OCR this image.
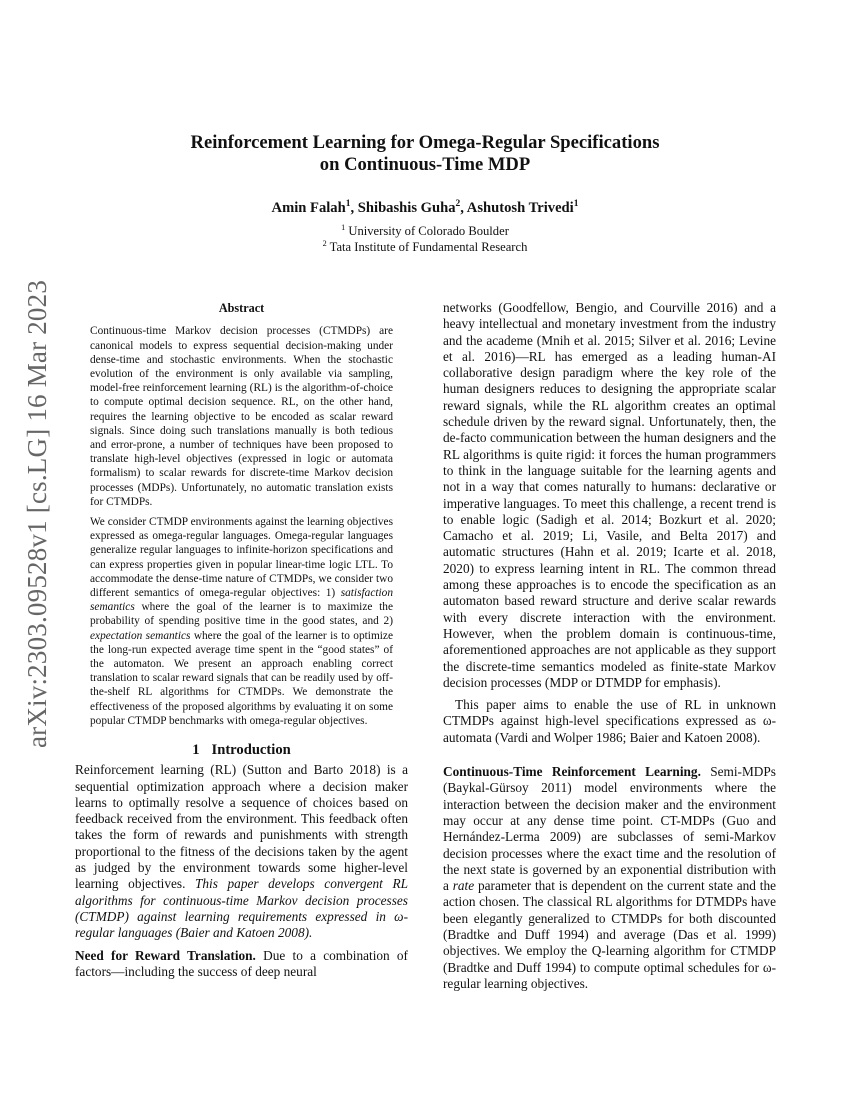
arXiv:2303.09528v1 [cs.LG] 16 Mar 2023
Reinforcement Learning for Omega-Regular Specifications
on Continuous-Time MDP
Amin Falah$^1$, Shibashis Guha$^2$, Ashutosh Trivedi$^1$
$^1$ University of Colorado Boulder
$^2$ Tata Institute of Fundamental Research
Abstract

Continuous-time Markov decision processes (CTMDPs) are canonical models to express sequential decision-making under dense-time and stochastic environments. When the stochastic evolution of the environment is only available via sampling, model-free reinforcement learning (RL) is the algorithm-of-choice to compute optimal decision sequence. RL, on the other hand, requires the learning objective to be encoded as scalar reward signals. Since doing such translations manually is both tedious and error-prone, a number of techniques have been proposed to translate high-level objectives (expressed in logic or automata formalism) to scalar rewards for discrete-time Markov decision processes (MDPs). Unfortunately, no automatic translation exists for CTMDPs.

We consider CTMDP environments against the learning objectives expressed as omega-regular languages. Omega-regular languages generalize regular languages to infinite-horizon specifications and can express properties given in popular linear-time logic LTL. To accommodate the dense-time nature of CTMDPs, we consider two different semantics of omega-regular objectives: 1) satisfaction semantics where the goal of the learner is to maximize the probability of spending positive time in the good states, and 2) expectation semantics where the goal of the learner is to optimize the long-run expected average time spent in the “good states” of the automaton. We present an approach enabling correct translation to scalar reward signals that can be readily used by off-the-shelf RL algorithms for CTMDPs. We demonstrate the effectiveness of the proposed algorithms by evaluating it on some popular CTMDP benchmarks with omega-regular objectives.

1 Introduction

Reinforcement learning (RL) (Sutton and Barto 2018) is a sequential optimization approach where a decision maker learns to optimally resolve a sequence of choices based on feedback received from the environment. This feedback often takes the form of rewards and punishments with strength proportional to the fitness of the decisions taken by the agent as judged by the environment towards some higher-level learning objectives. This paper develops convergent RL algorithms for continuous-time Markov decision processes (CTMDP) against learning requirements expressed in ω-regular languages (Baier and Katoen 2008).

Need for Reward Translation. Due to a combination of factors—including the success of deep neural

networks (Goodfellow, Bengio, and Courville 2016) and a heavy intellectual and monetary investment from the industry and the academe (Mnih et al. 2015; Silver et al. 2016; Levine et al. 2016)—RL has emerged as a leading human-AI collaborative design paradigm where the key role of the human designers reduces to designing the appropriate scalar reward signals, while the RL algorithm creates an optimal schedule driven by the reward signal. Unfortunately, then, the de-facto communication between the human designers and the RL algorithms is quite rigid: it forces the human programmers to think in the language suitable for the learning agents and not in a way that comes naturally to humans: declarative or imperative languages. To meet this challenge, a recent trend is to enable logic (Sadigh et al. 2014; Bozkurt et al. 2020; Camacho et al. 2019; Li, Vasile, and Belta 2017) and automatic structures (Hahn et al. 2019; Icarte et al. 2018, 2020) to express learning intent in RL. The common thread among these approaches is to encode the specification as an automaton based reward structure and derive scalar rewards with every discrete interaction with the environment. However, when the problem domain is continuous-time, aforementioned approaches are not applicable as they support the discrete-time semantics modeled as finite-state Markov decision processes (MDP or DTMDP for emphasis).

This paper aims to enable the use of RL in unknown CTMDPs against high-level specifications expressed as ω-automata (Vardi and Wolper 1986; Baier and Katoen 2008).

Continuous-Time Reinforcement Learning. Semi-MDPs (Baykal-Gürsoy 2011) model environments where the interaction between the decision maker and the environment may occur at any dense time point. CT-MDPs (Guo and Hernández-Lerma 2009) are subclasses of semi-Markov decision processes where the exact time and the resolution of the next state is governed by an exponential distribution with a rate parameter that is dependent on the current state and the action chosen. The classical RL algorithms for DTMDPs have been elegantly generalized to CTMDPs for both discounted (Bradtke and Duff 1994) and average (Das et al. 1999) objectives. We employ the Q-learning algorithm for CTMDP (Bradtke and Duff 1994) to compute optimal schedules for ω-regular learning objectives.
